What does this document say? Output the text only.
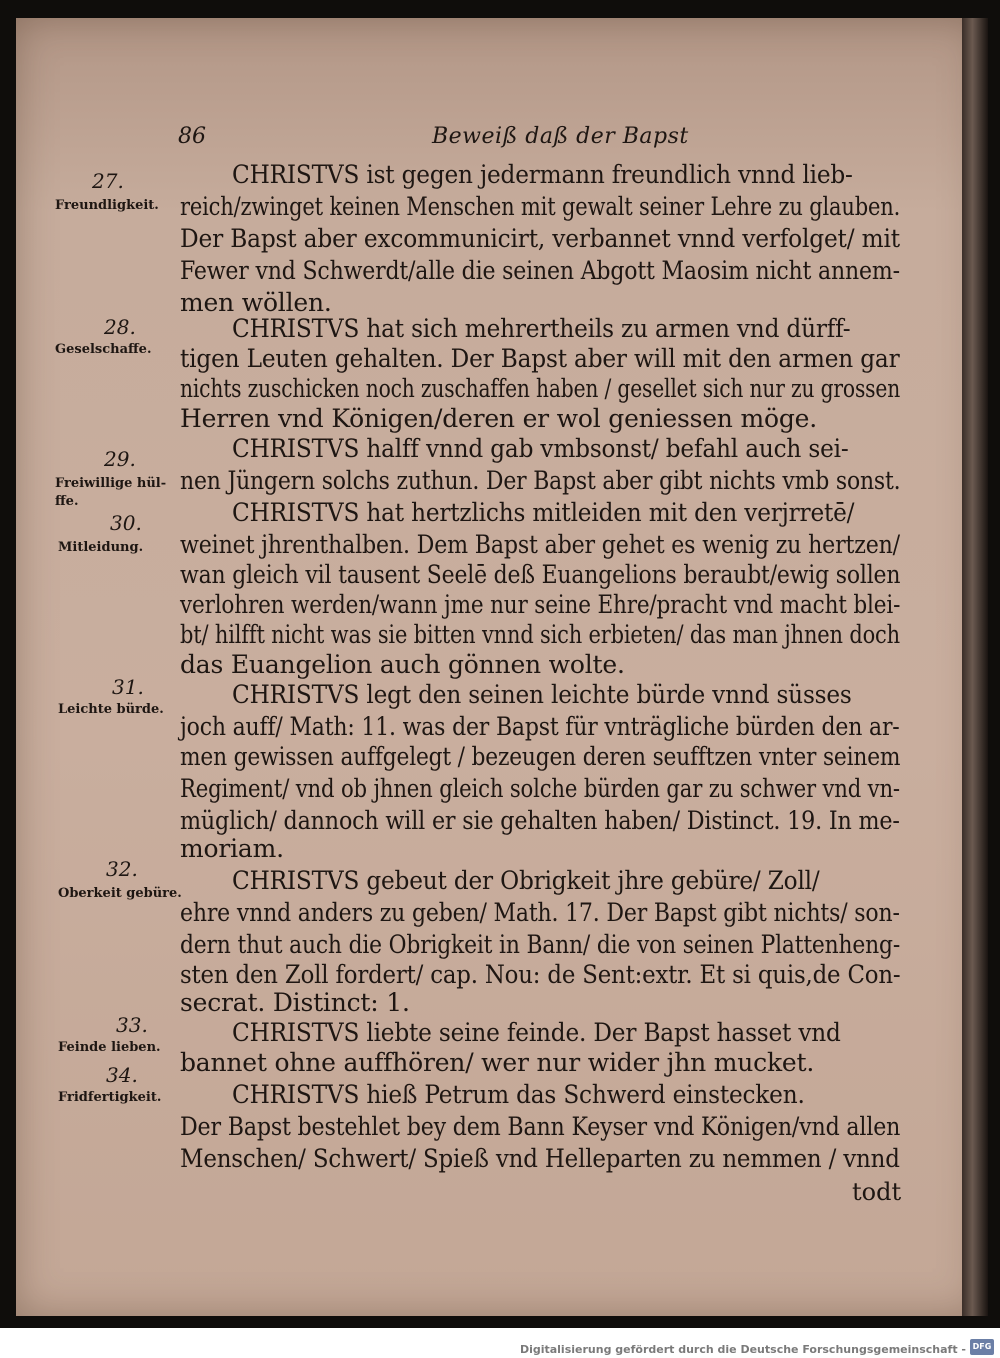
86	Beweiß daß der Bapst
27.
Freundligkeit.
28.
Geselschaffe.
29.
Freiwillige hül-
ffe.
30.
Mitleidung.
31.
Leichte bürde.
32.
Oberkeit gebüre.
33.
Feinde lieben.
34.
Fridfertigkeit.
CHRISTVS ist gegen jedermann freundlich vnnd lieb-
reich/zwinget keinen Menschen mit gewalt seiner Lehre zu glauben.
Der Bapst aber excommunicirt, verbannet vnnd verfolget/ mit
Fewer vnd Schwerdt/alle die seinen Abgott Maosim nicht annem-
men wöllen.
CHRISTVS hat sich mehrertheils zu armen vnd dürff-
tigen Leuten gehalten. Der Bapst aber will mit den armen gar
nichts zuschicken noch zuschaffen haben / gesellet sich nur zu grossen
Herren vnd Königen/deren er wol geniessen möge.
CHRISTVS halff vnnd gab vmbsonst/ befahl auch sei-
nen Jüngern solchs zuthun. Der Bapst aber gibt nichts vmb sonst.
CHRISTVS hat hertzlichs mitleiden mit den verjrretē/
weinet jhrenthalben. Dem Bapst aber gehet es wenig zu hertzen/
wan gleich vil tausent Seelē deß Euangelions beraubt/ewig sollen
verlohren werden/wann jme nur seine Ehre/pracht vnd macht blei-
bt/ hilfft nicht was sie bitten vnnd sich erbieten/ das man jhnen doch
das Euangelion auch gönnen wolte.
CHRISTVS legt den seinen leichte bürde vnnd süsses
joch auff/ Math: 11. was der Bapst für vnträgliche bürden den ar-
men gewissen auffgelegt / bezeugen deren seufftzen vnter seinem
Regiment/ vnd ob jhnen gleich solche bürden gar zu schwer vnd vn-
müglich/ dannoch will er sie gehalten haben/ Distinct. 19. In me-
moriam.
CHRISTVS gebeut der Obrigkeit jhre gebüre/ Zoll/
ehre vnnd anders zu geben/ Math. 17. Der Bapst gibt nichts/ son-
dern thut auch die Obrigkeit in Bann/ die von seinen Plattenheng-
sten den Zoll fordert/ cap. Nou: de Sent:extr. Et si quis,de Con-
secrat. Distinct: 1.
CHRISTVS liebte seine feinde. Der Bapst hasset vnd
bannet ohne auffhören/ wer nur wider jhn mucket.
CHRISTVS hieß Petrum das Schwerd einstecken.
Der Bapst bestehlet bey dem Bann Keyser vnd Königen/vnd allen
Menschen/ Schwert/ Spieß vnd Helleparten zu nemmen / vnnd
todt
Digitalisierung gefördert durch die Deutsche Forschungsgemeinschaft - DFG
